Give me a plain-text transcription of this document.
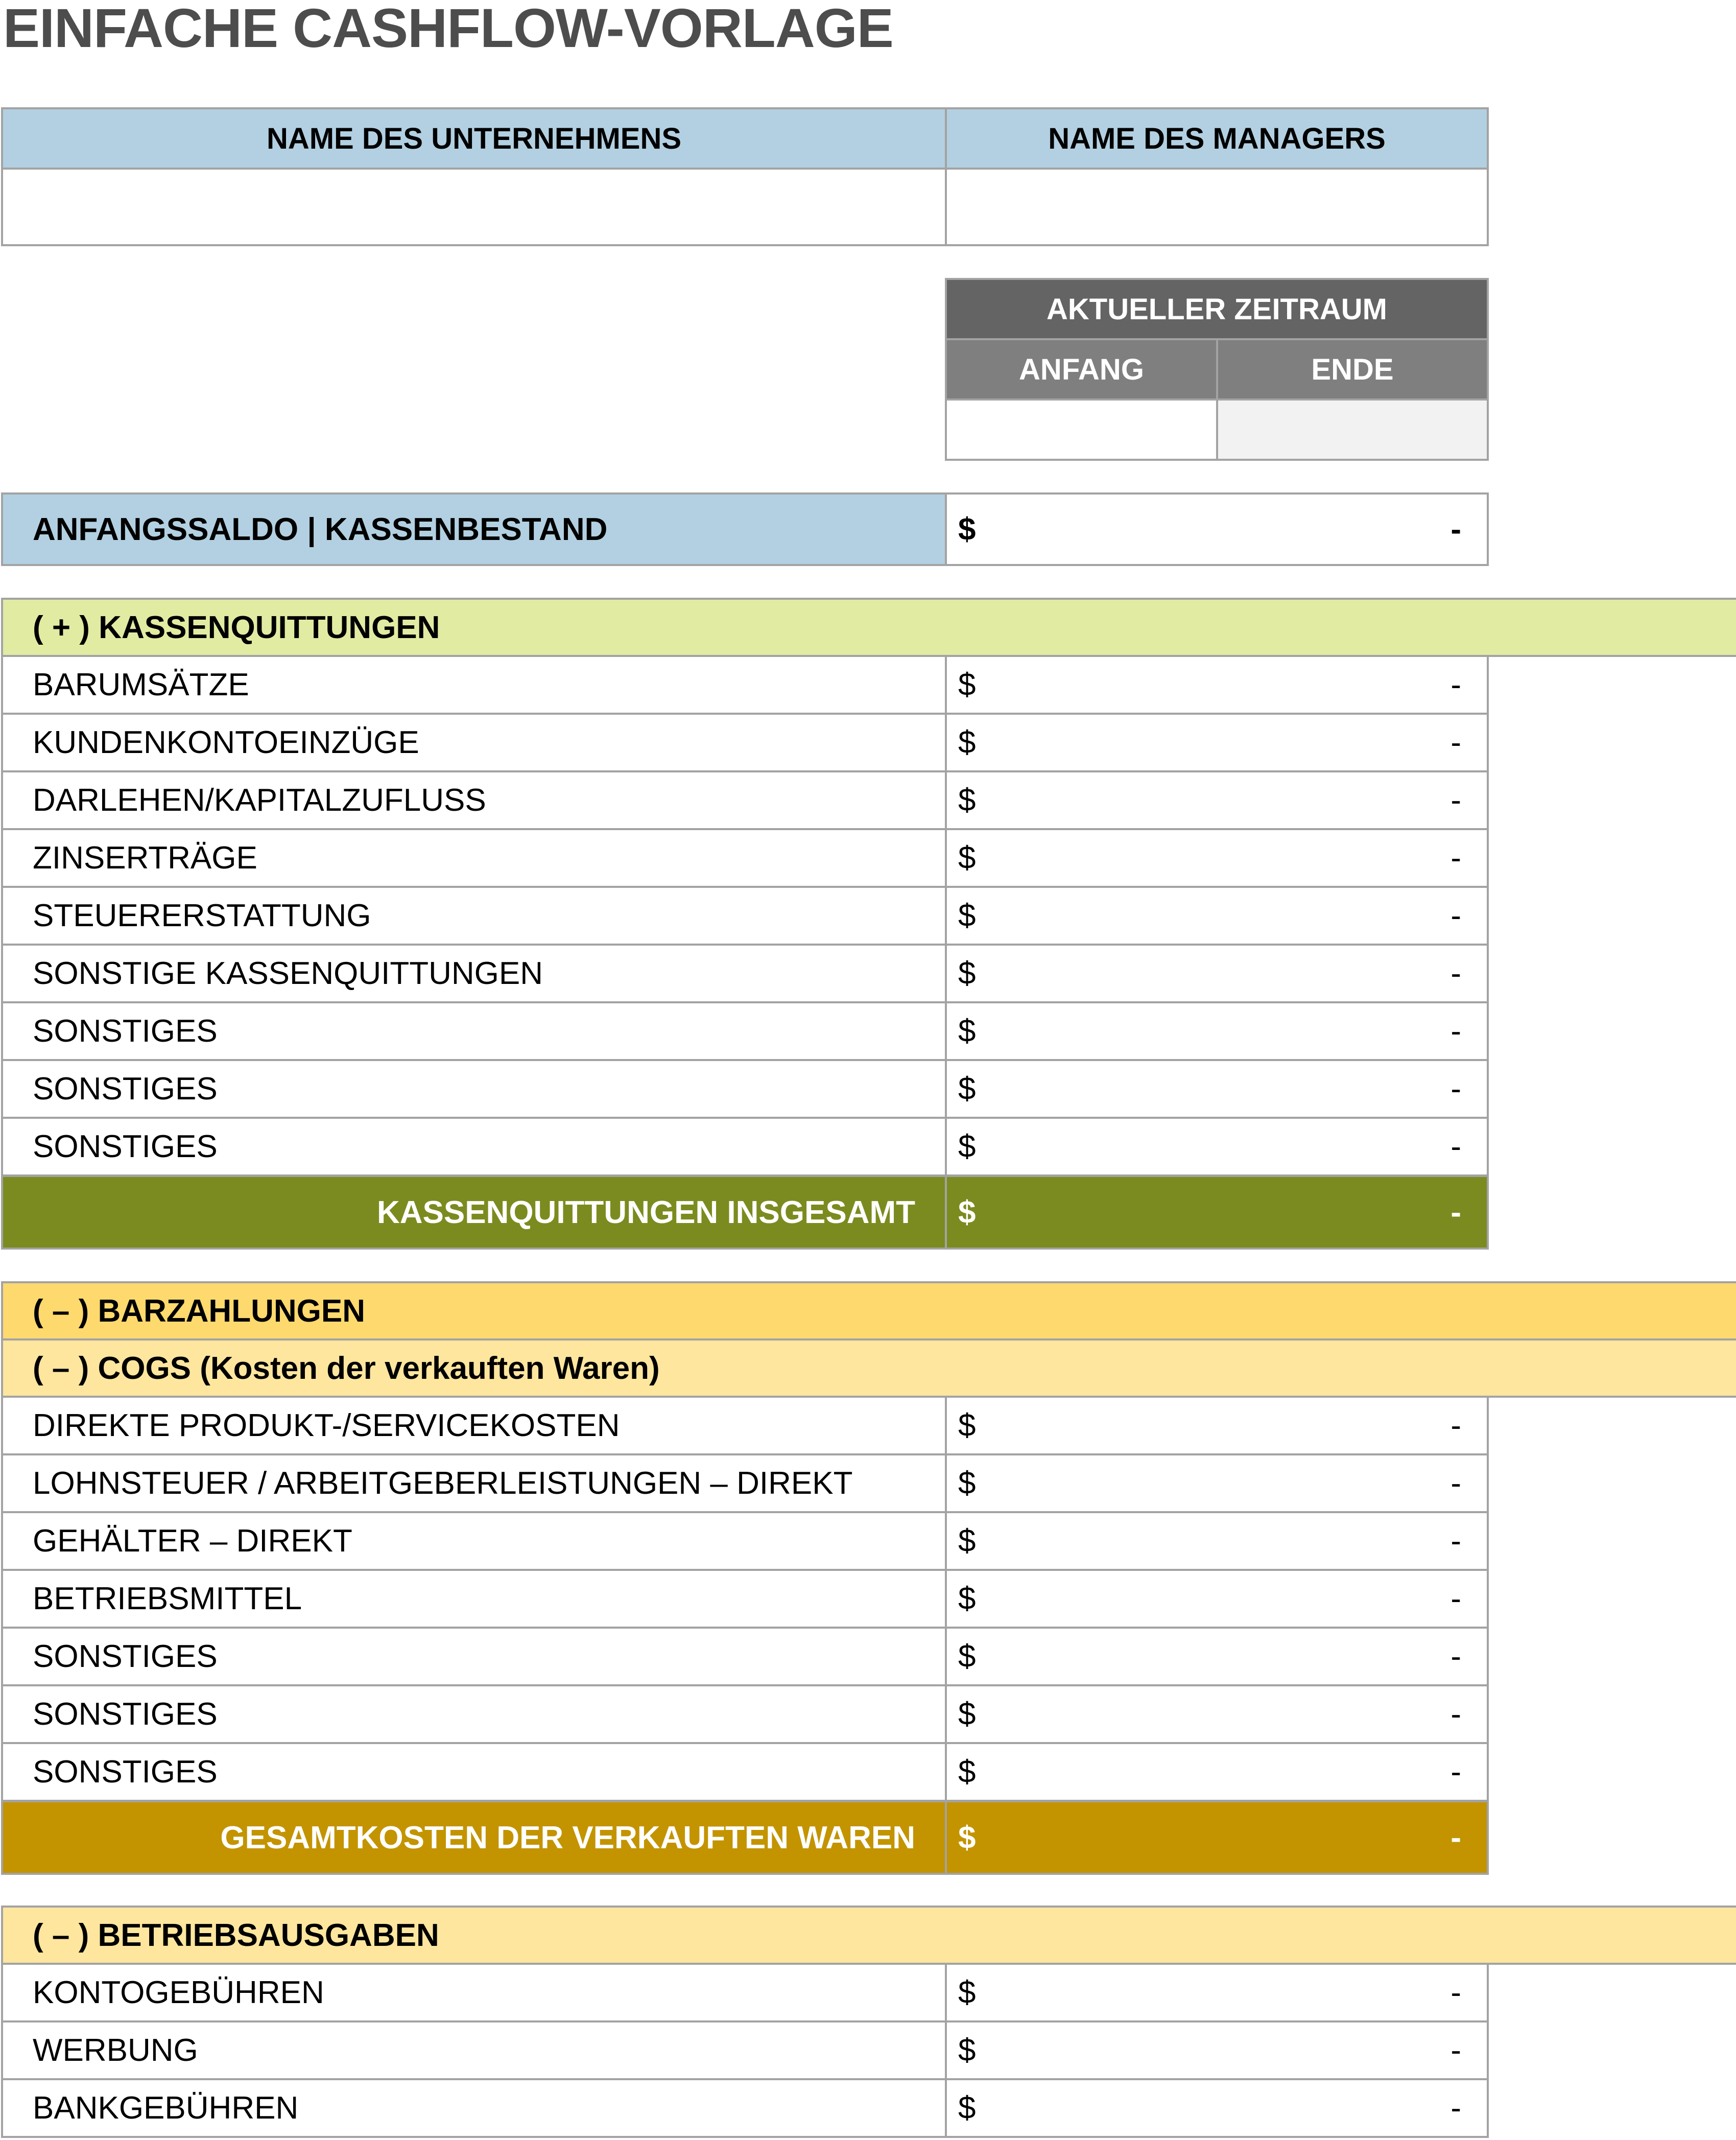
EINFACHE CASHFLOW-VORLAGE
NAME DES UNTERNEHMENS	NAME DES MANAGERS
AKTUELLER ZEITRAUM
ANFANG	ENDE
ANFANGSSALDO | KASSENBESTAND	$	-
( + ) KASSENQUITTUNGEN
BARUMSÄTZE	$	-
KUNDENKONTOEINZÜGE	$	-
DARLEHEN/KAPITALZUFLUSS	$	-
ZINSERTRÄGE	$	-
STEUERERSTATTUNG	$	-
SONSTIGE KASSENQUITTUNGEN	$	-
SONSTIGES	$	-
SONSTIGES	$	-
SONSTIGES	$	-
KASSENQUITTUNGEN INSGESAMT	$	-
( – ) BARZAHLUNGEN
( – ) COGS (Kosten der verkauften Waren)
DIREKTE PRODUKT-/SERVICEKOSTEN	$	-
LOHNSTEUER / ARBEITGEBERLEISTUNGEN – DIREKT	$	-
GEHÄLTER – DIREKT	$	-
BETRIEBSMITTEL	$	-
SONSTIGES	$	-
SONSTIGES	$	-
SONSTIGES	$	-
GESAMTKOSTEN DER VERKAUFTEN WAREN	$	-
( – ) BETRIEBSAUSGABEN
KONTOGEBÜHREN	$	-
WERBUNG	$	-
BANKGEBÜHREN	$	-
